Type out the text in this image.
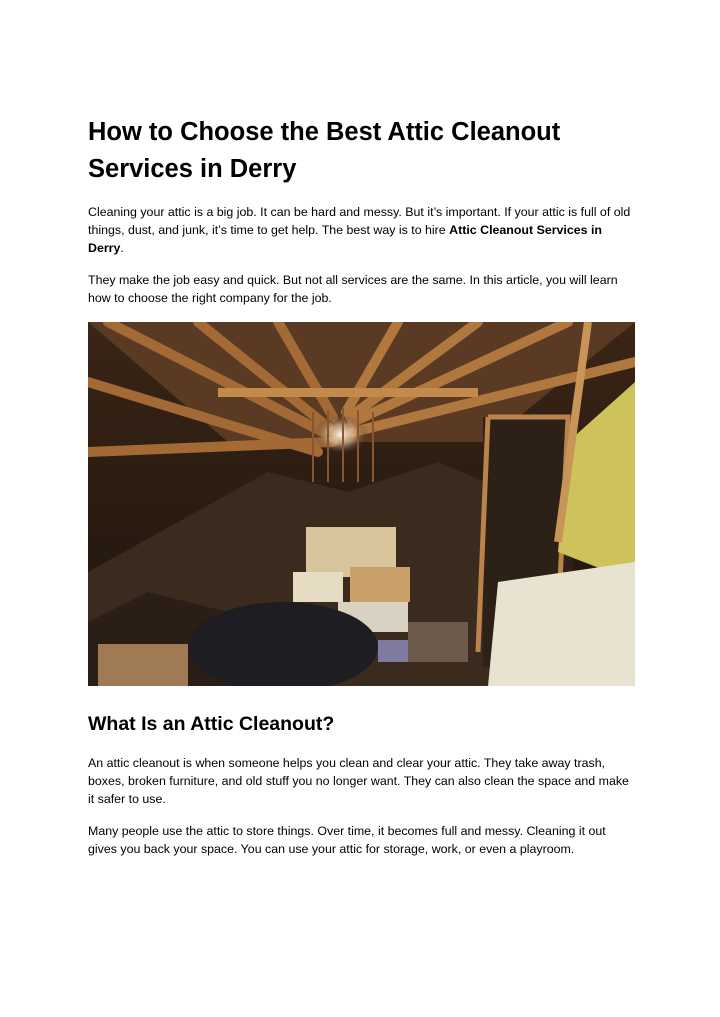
How to Choose the Best Attic Cleanout Services in Derry

Cleaning your attic is a big job. It can be hard and messy. But it’s important. If your attic is full of old things, dust, and junk, it’s time to get help. The best way is to hire Attic Cleanout Services in Derry.

They make the job easy and quick. But not all services are the same. In this article, you will learn how to choose the right company for the job.

What Is an Attic Cleanout?

An attic cleanout is when someone helps you clean and clear your attic. They take away trash, boxes, broken furniture, and old stuff you no longer want. They can also clean the space and make it safer to use.

Many people use the attic to store things. Over time, it becomes full and messy. Cleaning it out gives you back your space. You can use your attic for storage, work, or even a playroom.
